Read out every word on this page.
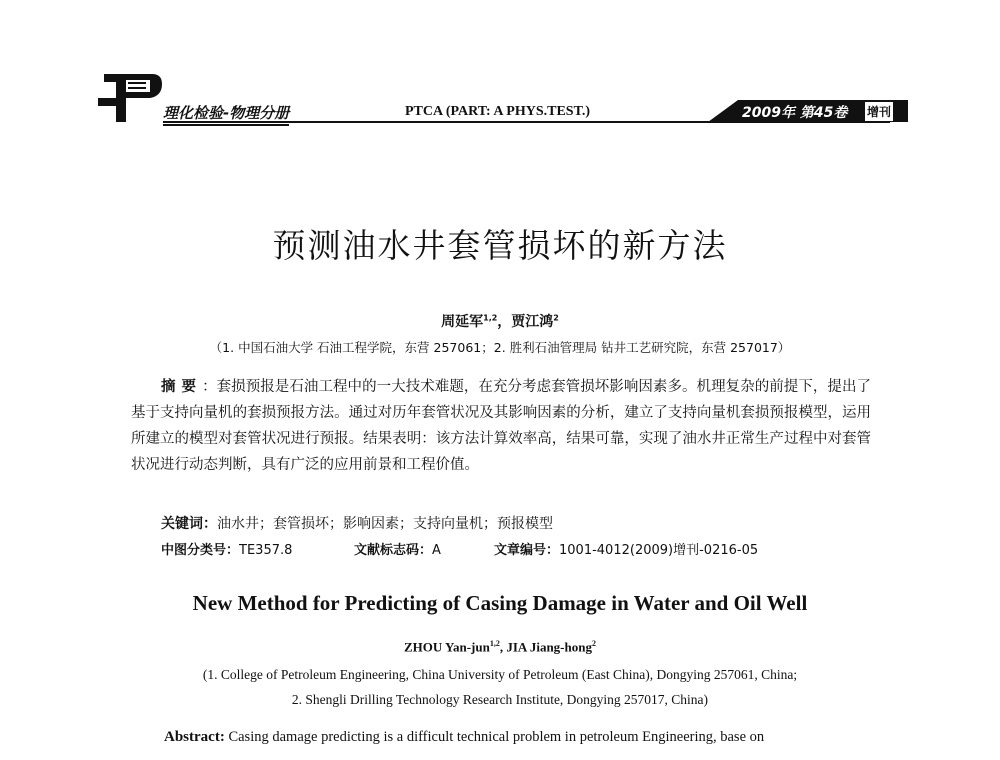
理化检验-物理分册	PTCA (PART: A PHYS.TEST.)	2009年 第45卷 增刊
预测油水井套管损坏的新方法
周延军$^{1,2}$，贾江鸿$^2$
（1. 中国石油大学 石油工程学院，东营 257061；2. 胜利石油管理局 钻井工艺研究院，东营 257017）
摘要：套损预报是石油工程中的一大技术难题，在充分考虑套管损坏影响因素多。机理复杂的前提下，提出了基于支持向量机的套损预报方法。通过对历年套管状况及其影响因素的分析，建立了支持向量机套损预报模型，运用所建立的模型对套管状况进行预报。结果表明：该方法计算效率高，结果可靠，实现了油水井正常生产过程中对套管状况进行动态判断，具有广泛的应用前景和工程价值。
关键词：油水井；套管损坏；影响因素；支持向量机；预报模型
中图分类号：TE357.8	文献标志码：A	文章编号：1001-4012(2009)增刊-0216-05
New Method for Predicting of Casing Damage in Water and Oil Well
ZHOU Yan-jun$^{1,2}$, JIA Jiang-hong$^2$
(1. College of Petroleum Engineering, China University of Petroleum (East China), Dongying 257061, China;
2. Shengli Drilling Technology Research Institute, Dongying 257017, China)
Abstract: Casing damage predicting is a difficult technical problem in petroleum Engineering, base on
